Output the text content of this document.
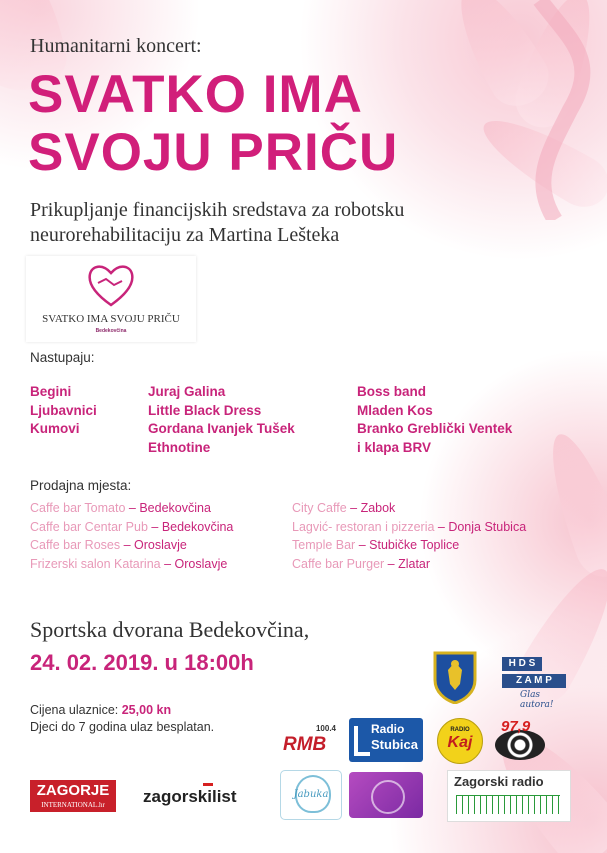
Humanitarni koncert:
SVATKO IMA
SVOJU PRIČU
Prikupljanje financijskih sredstava za robotsku
neurorehabilitaciju za Martina Lešteka
SVATKO IMA SVOJU PRIČU
Bedekovčina
Nastupaju:
Begini
Ljubavnici
Kumovi
Juraj Galina
Little Black Dress
Gordana Ivanjek Tušek
Ethnotine
Boss band
Mladen Kos
Branko Greblički Ventek
i klapa BRV
Prodajna mjesta:
Caffe bar Tomato – Bedekovčina
Caffe bar Centar Pub – Bedekovčina
Caffe bar Roses – Oroslavje
Frizerski salon Katarina – Oroslavje
City Caffe – Zabok
Lagvić- restoran i pizzeria – Donja Stubica
Temple Bar – Stubičke Toplice
Caffe bar Purger – Zlatar
Sportska dvorana Bedekovčina,
24. 02. 2019. u 18:00h
Cijena ulaznice: 25,00 kn
Djeci do 7 godina ulaz besplatan.
H D S
Z A M P
Glas autora!
100.4
RMB
Radio
Stubica
RADIO
Kaj
97,9
ZAGORJE
INTERNATIONAL.hr	zagorskilist	Jabuka
Zagorski radio
